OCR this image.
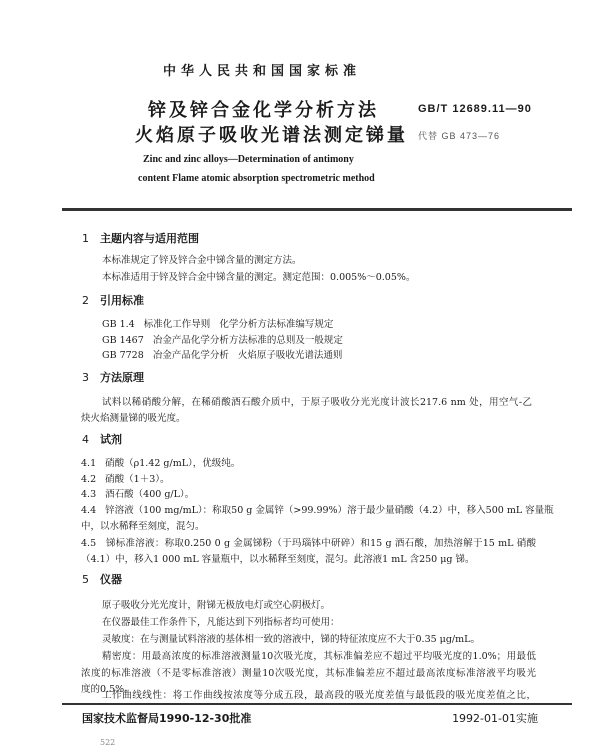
中华人民共和国国家标准
锌及锌合金化学分析方法
火焰原子吸收光谱法测定锑量
GB/T 12689.11—90
代替 GB 473—76
Zinc and zinc alloys—Determination of antimony
content Flame atomic absorption spectrometric method
1 主题内容与适用范围
本标准规定了锌及锌合金中锑含量的测定方法。
本标准适用于锌及锌合金中锑含量的测定。测定范围：0.005%～0.05%。
2 引用标准
GB 1.4   标准化工作导则   化学分析方法标准编写规定
GB 1467   冶金产品化学分析方法标准的总则及一般规定
GB 7728   冶金产品化学分析   火焰原子吸收光谱法通则
3 方法原理
试料以稀硝酸分解，在稀硝酸酒石酸介质中，于原子吸收分光光度计波长217.6 nm 处，用空气-乙
炔火焰测量锑的吸光度。
4 试剂
4.1   硝酸（ρ1.42 g/mL），优级纯。
4.2   硝酸（1＋3）。
4.3   酒石酸（400 g/L）。
4.4   锌溶液（100 mg/mL）：称取50 g 金属锌（>99.99%）溶于最少量硝酸（4.2）中，移入500 mL 容量瓶
中，以水稀释至刻度，混匀。
4.5   锑标准溶液：称取0.250 0 g 金属锑粉（于玛瑙钵中研碎）和15 g 酒石酸，加热溶解于15 mL 硝酸
（4.1）中，移入1 000 mL 容量瓶中，以水稀释至刻度，混匀。此溶液1 mL 含250 μg 锑。
5 仪器
原子吸收分光光度计，附锑无极放电灯或空心阴极灯。
在仪器最佳工作条件下，凡能达到下列指标者均可使用：
灵敏度：在与测量试料溶液的基体相一致的溶液中，锑的特征浓度应不大于0.35 μg/mL。
精密度：用最高浓度的标准溶液测量10次吸光度，其标准偏差应不超过平均吸光度的1.0%；用最低
浓度的标准溶液（不是零标准溶液）测量10次吸光度，其标准偏差应不超过最高浓度标准溶液平均吸光
度的0.5%。
工作曲线线性：将工作曲线按浓度等分成五段，最高段的吸光度差值与最低段的吸光度差值之比，
国家技术监督局1990-12-30批准	1992-01-01实施
522
